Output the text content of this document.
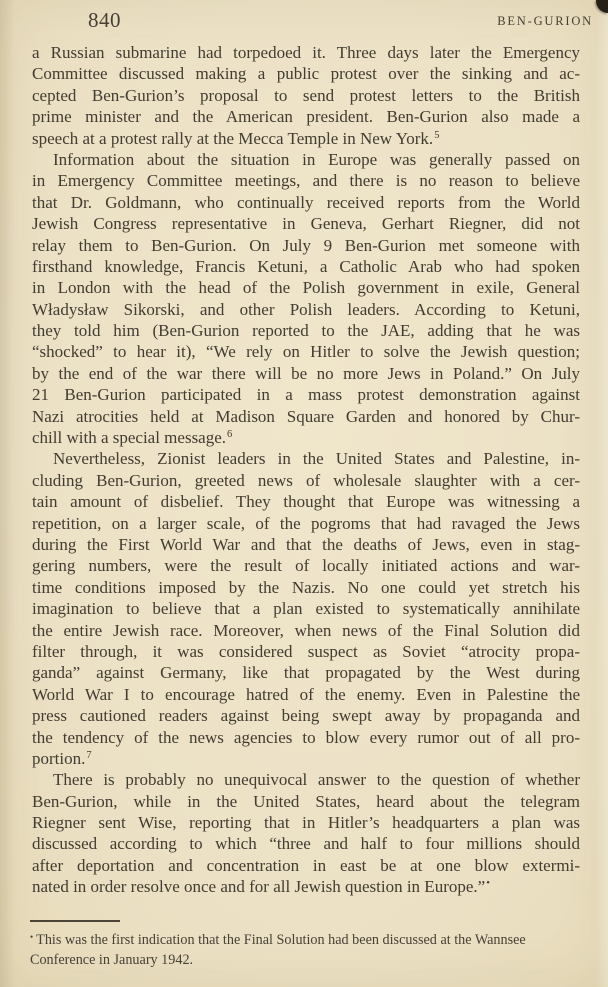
840	BEN-GURION
a Russian submarine had torpedoed it. Three days later the Emergency
Committee discussed making a public protest over the sinking and ac-
cepted Ben-Gurion’s proposal to send protest letters to the British
prime minister and the American president. Ben-Gurion also made a
speech at a protest rally at the Mecca Temple in New York.$^5$
Information about the situation in Europe was generally passed on
in Emergency Committee meetings, and there is no reason to believe
that Dr. Goldmann, who continually received reports from the World
Jewish Congress representative in Geneva, Gerhart Riegner, did not
relay them to Ben-Gurion. On July 9 Ben-Gurion met someone with
firsthand knowledge, Francis Ketuni, a Catholic Arab who had spoken
in London with the head of the Polish government in exile, General
Władysław Sikorski, and other Polish leaders. According to Ketuni,
they told him (Ben-Gurion reported to the JAE, adding that he was
“shocked” to hear it), “We rely on Hitler to solve the Jewish question;
by the end of the war there will be no more Jews in Poland.” On July
21 Ben-Gurion participated in a mass protest demonstration against
Nazi atrocities held at Madison Square Garden and honored by Chur-
chill with a special message.$^6$
Nevertheless, Zionist leaders in the United States and Palestine, in-
cluding Ben-Gurion, greeted news of wholesale slaughter with a cer-
tain amount of disbelief. They thought that Europe was witnessing a
repetition, on a larger scale, of the pogroms that had ravaged the Jews
during the First World War and that the deaths of Jews, even in stag-
gering numbers, were the result of locally initiated actions and war-
time conditions imposed by the Nazis. No one could yet stretch his
imagination to believe that a plan existed to systematically annihilate
the entire Jewish race. Moreover, when news of the Final Solution did
filter through, it was considered suspect as Soviet “atrocity propa-
ganda” against Germany, like that propagated by the West during
World War I to encourage hatred of the enemy. Even in Palestine the
press cautioned readers against being swept away by propaganda and
the tendency of the news agencies to blow every rumor out of all pro-
portion.$^7$
There is probably no unequivocal answer to the question of whether
Ben-Gurion, while in the United States, heard about the telegram
Riegner sent Wise, reporting that in Hitler’s headquarters a plan was
discussed according to which “three and half to four millions should
after deportation and concentration in east be at one blow extermi-
nated in order resolve once and for all Jewish question in Europe.”•
• This was the first indication that the Final Solution had been discussed at the Wannsee
Conference in January 1942.
